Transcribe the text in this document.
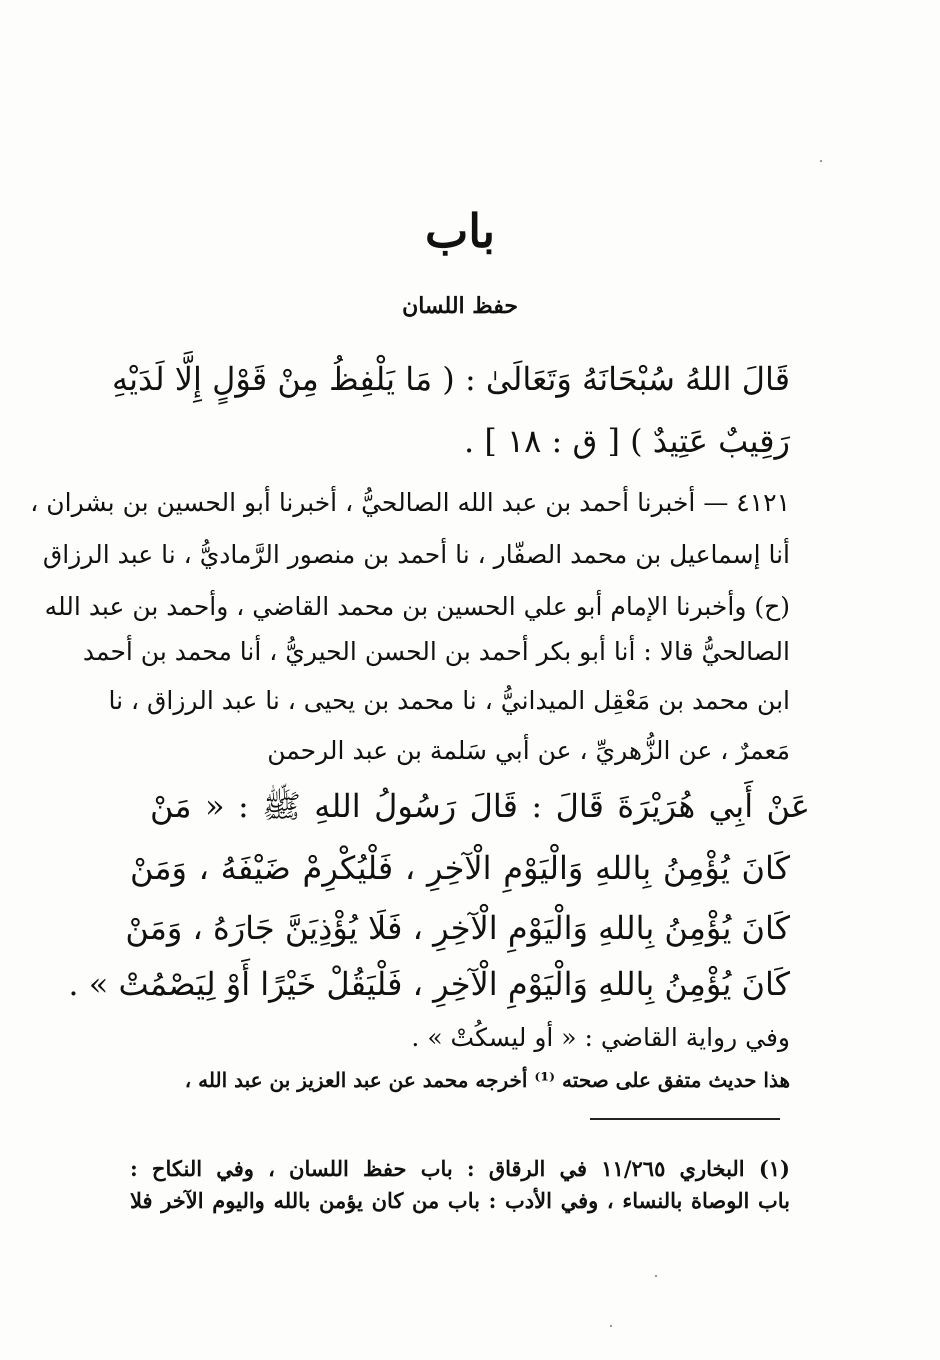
باب
حفظ اللسان
قَالَ اللهُ سُبْحَانَهُ وَتَعَالَىٰ : ( مَا يَلْفِظُ مِنْ قَوْلٍ إِلَّا لَدَيْهِ
رَقِيبٌ عَتِيدٌ ) [ ق : ١٨ ] .
٤١٢١ — أخبرنا أحمد بن عبد الله الصالحيُّ ، أخبرنا أبو الحسين بن بشران ،
أنا إسماعيل بن محمد الصفّار ، نا أحمد بن منصور الرَّماديُّ ، نا عبد الرزاق
(ح) وأخبرنا الإمام أبو علي الحسين بن محمد القاضي ، وأحمد بن عبد الله
الصالحيُّ قالا : أنا أبو بكر أحمد بن الحسن الحيريُّ ، أنا محمد بن أحمد
ابن محمد بن مَعْقِل الميدانيُّ ، نا محمد بن يحيى ، نا عبد الرزاق ، نا
مَعمرٌ ، عن الزُّهريِّ ، عن أبي سَلمة بن عبد الرحمن
عَنْ أَبِي هُرَيْرَةَ قَالَ : قَالَ رَسُولُ اللهِ ﷺ : « مَنْ
كَانَ يُؤْمِنُ بِاللهِ وَالْيَوْمِ الْآخِرِ ، فَلْيُكْرِمْ ضَيْفَهُ ، وَمَنْ
كَانَ يُؤْمِنُ بِاللهِ وَالْيَوْمِ الْآخِرِ ، فَلَا يُؤْذِيَنَّ جَارَهُ ، وَمَنْ
كَانَ يُؤْمِنُ بِاللهِ وَالْيَوْمِ الْآخِرِ ، فَلْيَقُلْ خَيْرًا أَوْ لِيَصْمُتْ » .
وفي رواية القاضي : « أو ليسكُتْ » .
هذا حديث متفق على صحته ⁽¹⁾ أخرجه محمد عن عبد العزيز بن عبد الله ،
(١) البخاري ١١/٢٦٥ في الرقاق : باب حفظ اللسان ، وفي النكاح :
باب الوصاة بالنساء ، وفي الأدب : باب من كان يؤمن بالله واليوم الآخر فلا
